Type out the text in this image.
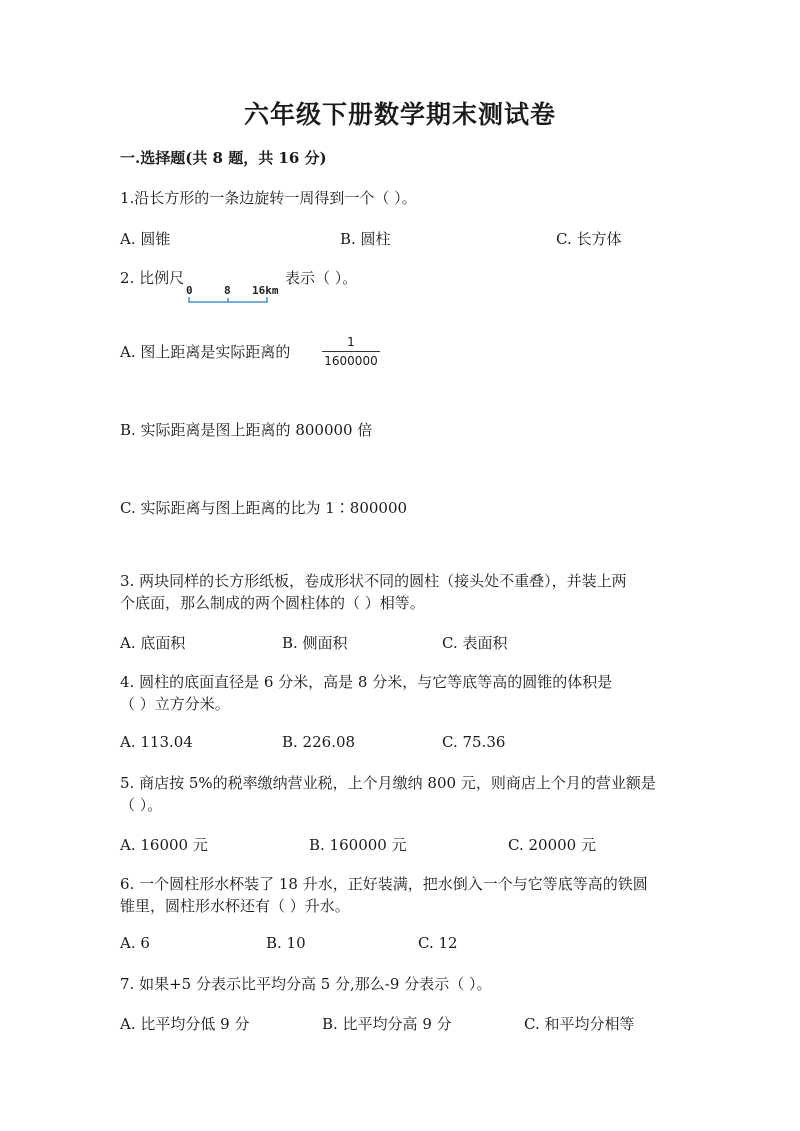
六年级下册数学期末测试卷
一.选择题(共 8 题，共 16 分)
1.沿长方形的一条边旋转一周得到一个（ ）。
A. 圆锥	B. 圆柱	C. 长方体
2. 比例尺
0	8 16km
表示（ ）。
A. 图上距离是实际距离的
1
1600000
B. 实际距离是图上距离的 800000 倍
C. 实际距离与图上距离的比为 1∶800000
3. 两块同样的长方形纸板，卷成形状不同的圆柱（接头处不重叠），并装上两
个底面，那么制成的两个圆柱体的（ ）相等。
A. 底面积	B. 侧面积	C. 表面积
4. 圆柱的底面直径是 6 分米，高是 8 分米，与它等底等高的圆锥的体积是
（ ）立方分米。
A. 113.04	B. 226.08	C. 75.36
5. 商店按 5%的税率缴纳营业税，上个月缴纳 800 元，则商店上个月的营业额是
（ ）。
A. 16000 元	B. 160000 元	C. 20000 元
6. 一个圆柱形水杯装了 18 升水，正好装满，把水倒入一个与它等底等高的铁圆
锥里，圆柱形水杯还有（ ）升水。
A. 6	B. 10	C. 12
7. 如果+5 分表示比平均分高 5 分,那么-9 分表示（ ）。
A. 比平均分低 9 分	B. 比平均分高 9 分	C. 和平均分相等
